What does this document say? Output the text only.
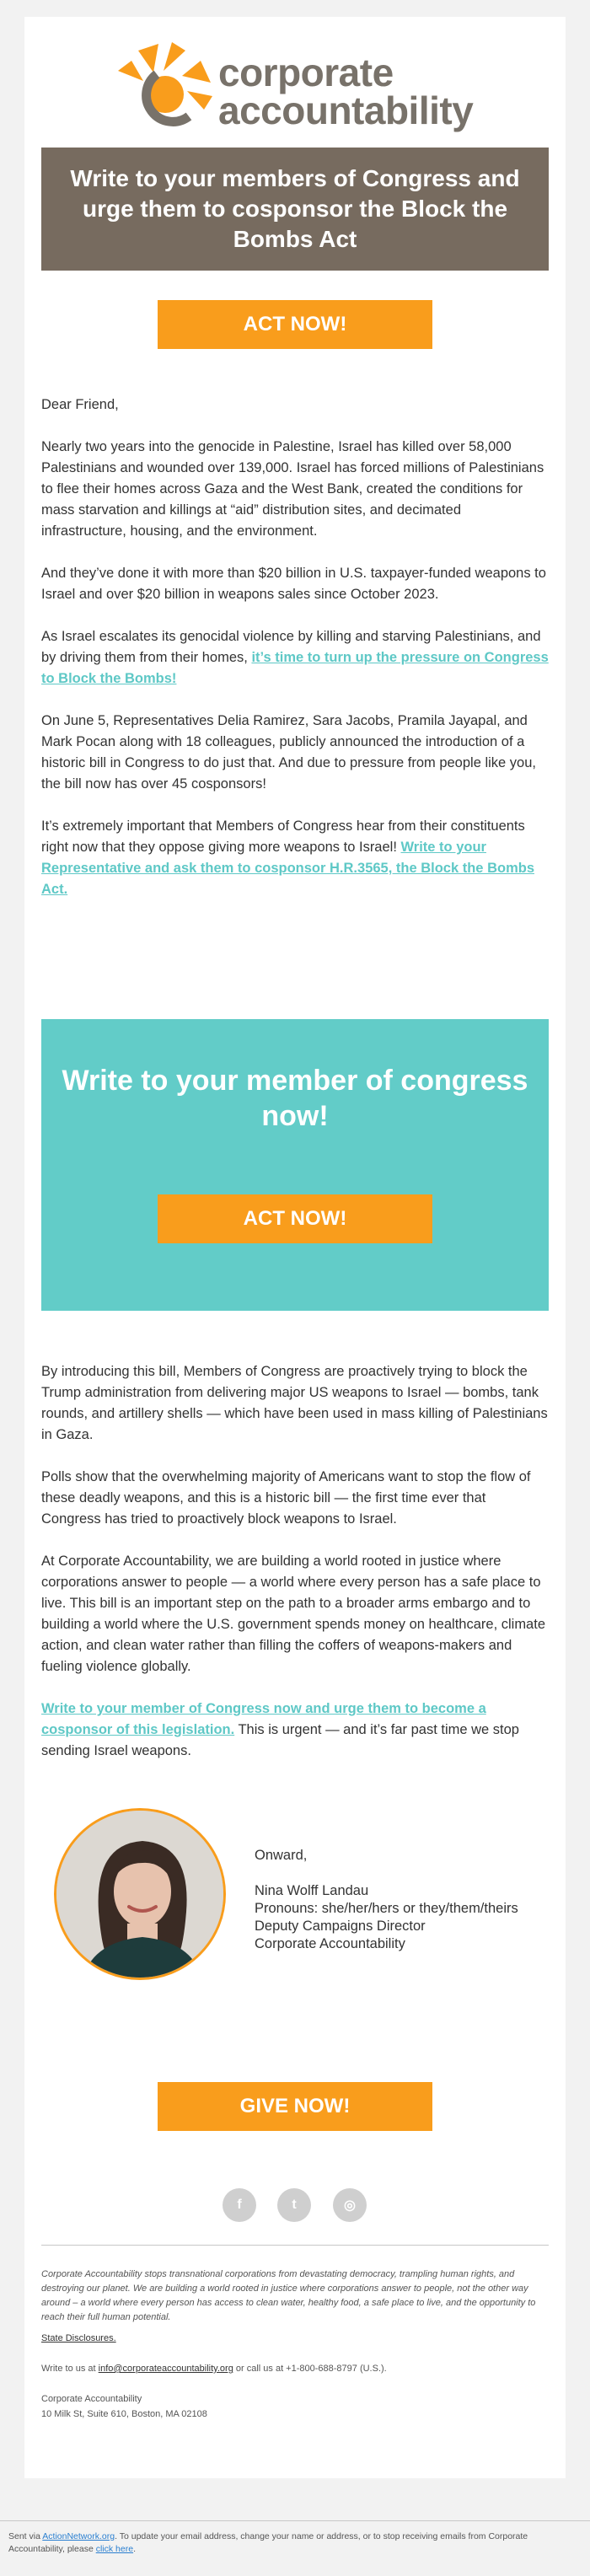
corporate
accountability
Write to your members of Congress and urge them to cosponsor the Block the Bombs Act
ACT NOW!

Dear Friend,

Nearly two years into the genocide in Palestine, Israel has killed over 58,000 Palestinians and wounded over 139,000. Israel has forced millions of Palestinians to flee their homes across Gaza and the West Bank, created the conditions for mass starvation and killings at “aid” distribution sites, and decimated infrastructure, housing, and the environment.

And they’ve done it with more than $20 billion in U.S. taxpayer-funded weapons to Israel and over $20 billion in weapons sales since October 2023.

As Israel escalates its genocidal violence by killing and starving Palestinians, and by driving them from their homes, it’s time to turn up the pressure on Congress to Block the Bombs!

On June 5, Representatives Delia Ramirez, Sara Jacobs, Pramila Jayapal, and Mark Pocan along with 18 colleagues, publicly announced the introduction of a historic bill in Congress to do just that. And due to pressure from people like you, the bill now has over 45 cosponsors!

It’s extremely important that Members of Congress hear from their constituents right now that they oppose giving more weapons to Israel! Write to your Representative and ask them to cosponsor H.R.3565, the Block the Bombs Act.

Write to your member of congress now!
ACT NOW!

By introducing this bill, Members of Congress are proactively trying to block the Trump administration from delivering major US weapons to Israel — bombs, tank rounds, and artillery shells — which have been used in mass killing of Palestinians in Gaza.

Polls show that the overwhelming majority of Americans want to stop the flow of these deadly weapons, and this is a historic bill — the first time ever that Congress has tried to proactively block weapons to Israel.

At Corporate Accountability, we are building a world rooted in justice where corporations answer to people — a world where every person has a safe place to live. This bill is an important step on the path to a broader arms embargo and to building a world where the U.S. government spends money on healthcare, climate action, and clean water rather than filling the coffers of weapons-makers and fueling violence globally.

Write to your member of Congress now and urge them to become a cosponsor of this legislation. This is urgent — and it’s far past time we stop sending Israel weapons.

Onward,
Nina Wolff Landau
Pronouns: she/her/hers or they/them/theirs
Deputy Campaigns Director
Corporate Accountability
GIVE NOW!
f	t	◎
Corporate Accountability stops transnational corporations from devastating democracy, trampling human rights, and destroying our planet. We are building a world rooted in justice where corporations answer to people, not the other way around – a world where every person has access to clean water, healthy food, a safe place to live, and the opportunity to reach their full human potential.
State Disclosures.
Write to us at info@corporateaccountability.org or call us at +1-800-688-8797 (U.S.).
Corporate Accountability
10 Milk St, Suite 610, Boston, MA 02108
Sent via ActionNetwork.org. To update your email address, change your name or address, or to stop receiving emails from Corporate Accountability, please click here.
